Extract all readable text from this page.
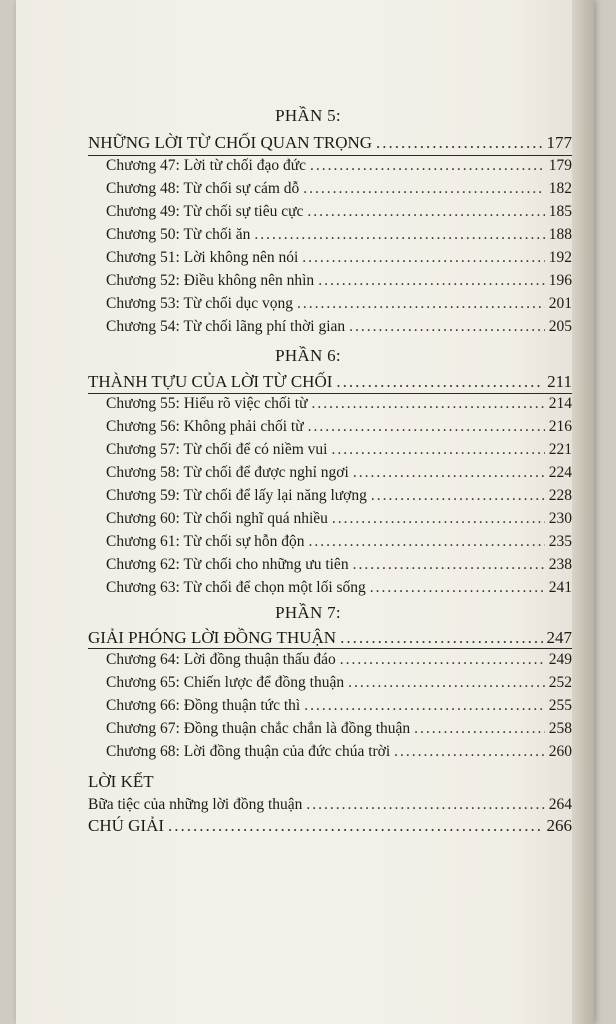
PHẦN 5:
NHỮNG LỜI TỪ CHỐI QUAN TRỌNG .....	177
Chương 47: Lời từ chối đạo đức .....	179
Chương 48: Từ chối sự cám dỗ .....	182
Chương 49: Từ chối sự tiêu cực .....	185
Chương 50: Từ chối ăn .....	188
Chương 51: Lời không nên nói .....	192
Chương 52: Điều không nên nhìn .....	196
Chương 53: Từ chối dục vọng .....	201
Chương 54: Từ chối lãng phí thời gian .....	205
PHẦN 6:
THÀNH TỰU CỦA LỜI TỪ CHỐI .....	211
Chương 55: Hiểu rõ việc chối từ .....	214
Chương 56: Không phải chối từ .....	216
Chương 57: Từ chối để có niềm vui .....	221
Chương 58: Từ chối để được nghỉ ngơi .....	224
Chương 59: Từ chối để lấy lại năng lượng .....	228
Chương 60: Từ chối nghĩ quá nhiều .....	230
Chương 61: Từ chối sự hỗn độn .....	235
Chương 62: Từ chối cho những ưu tiên .....	238
Chương 63: Từ chối để chọn một lối sống .....	241
PHẦN 7:
GIẢI PHÓNG LỜI ĐỒNG THUẬN .....	247
Chương 64: Lời đồng thuận thấu đáo .....	249
Chương 65: Chiến lược để đồng thuận .....	252
Chương 66: Đồng thuận tức thì .....	255
Chương 67: Đồng thuận chắc chắn là đồng thuận .....	258
Chương 68: Lời đồng thuận của đức chúa trời .....	260
LỜI KẾT
Bữa tiệc của những lời đồng thuận .....	264
CHÚ GIẢI .....	266
